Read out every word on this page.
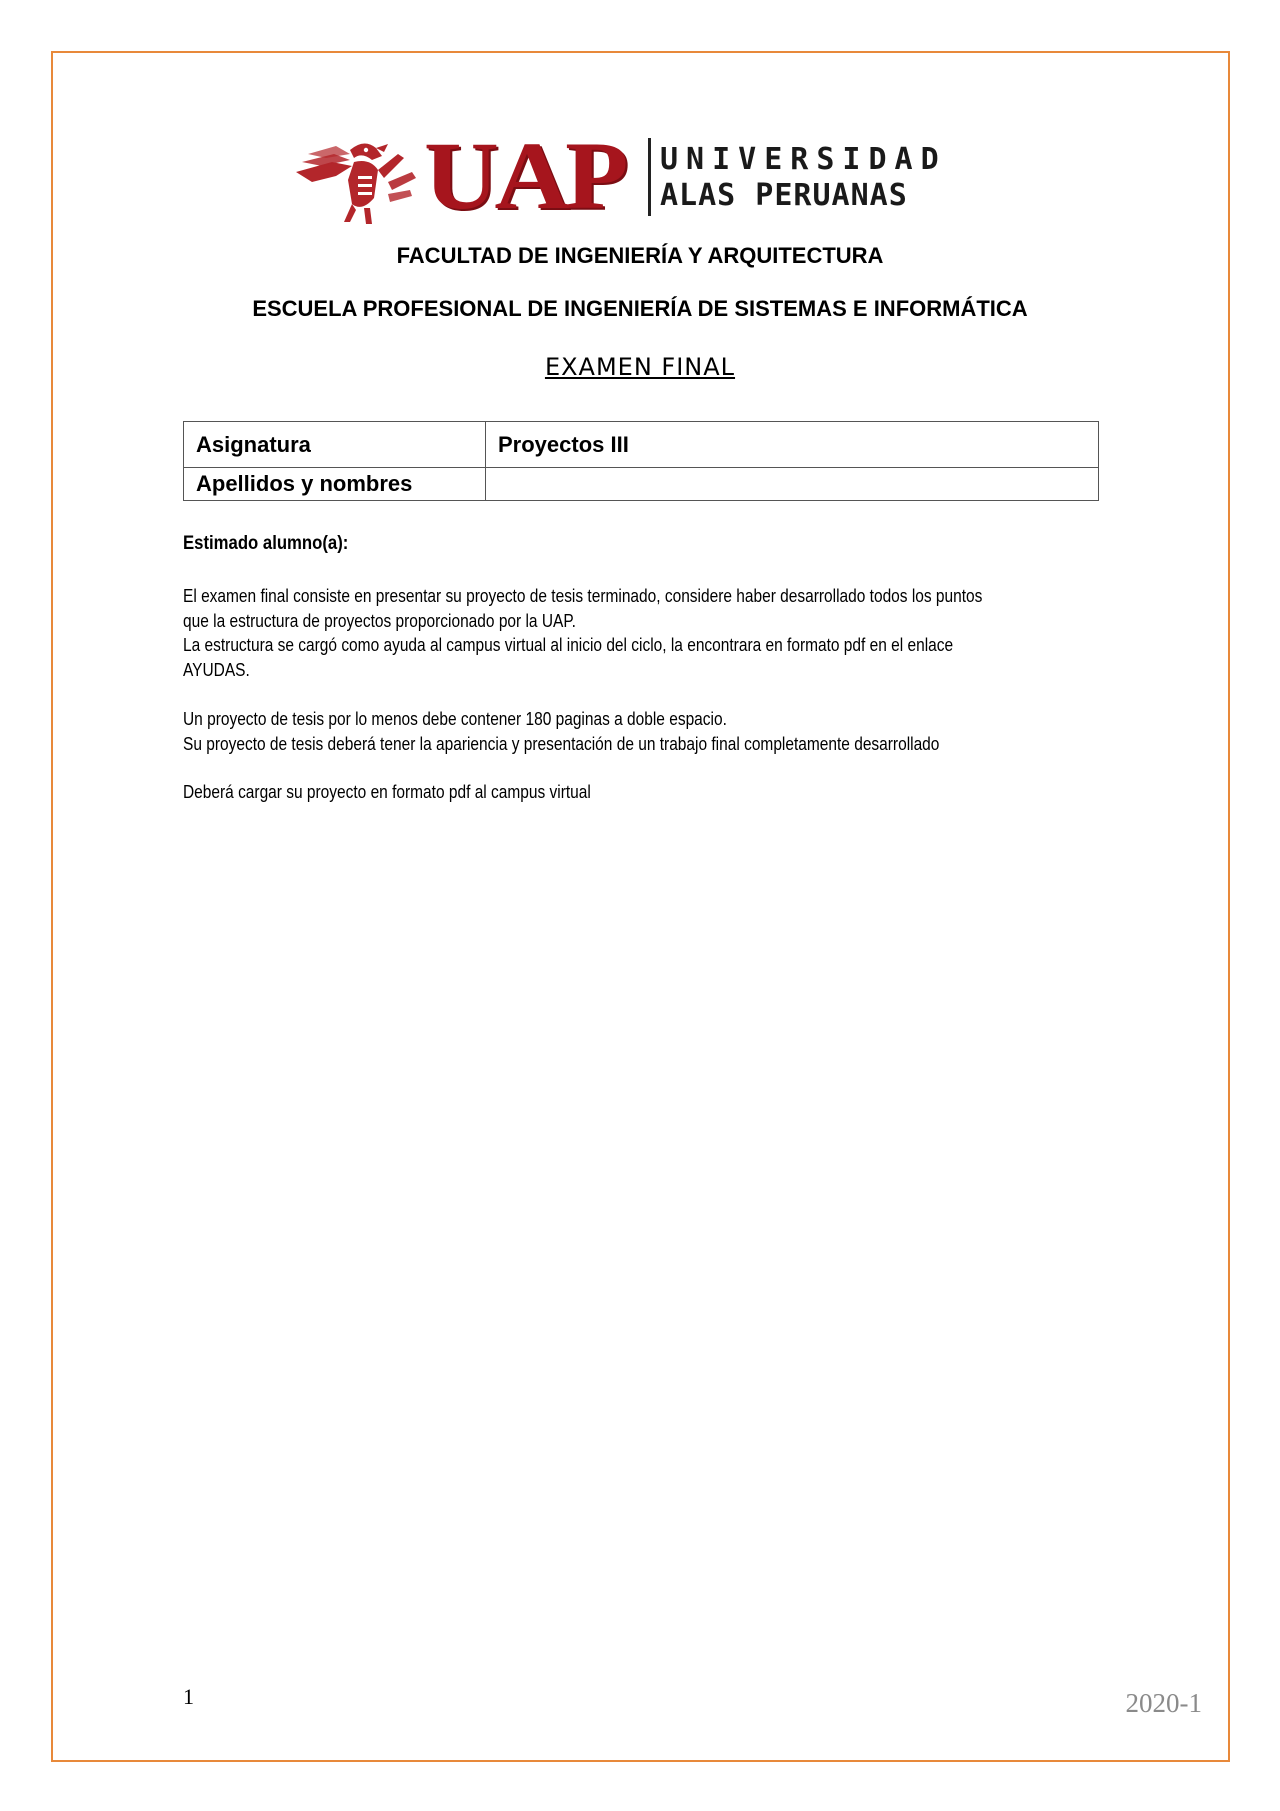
UAP UNIVERSIDAD
ALAS PERUANAS
FACULTAD DE INGENIERÍA Y ARQUITECTURA
ESCUELA PROFESIONAL DE INGENIERÍA DE SISTEMAS E INFORMÁTICA
EXAMEN FINAL
Asignatura	Proyectos III
Apellidos y nombres	
Estimado alumno(a):
El examen final consiste en presentar su proyecto de tesis terminado, considere haber desarrollado todos los puntos
que la estructura de proyectos proporcionado por la UAP.
La estructura se cargó como ayuda al campus virtual al inicio del ciclo, la encontrara en formato pdf en el enlace
AYUDAS.
Un proyecto de tesis por lo menos debe contener 180 paginas a doble espacio.
Su proyecto de tesis deberá tener la apariencia y presentación de un trabajo final completamente desarrollado
Deberá cargar su proyecto en formato pdf al campus virtual
1	2020-1
